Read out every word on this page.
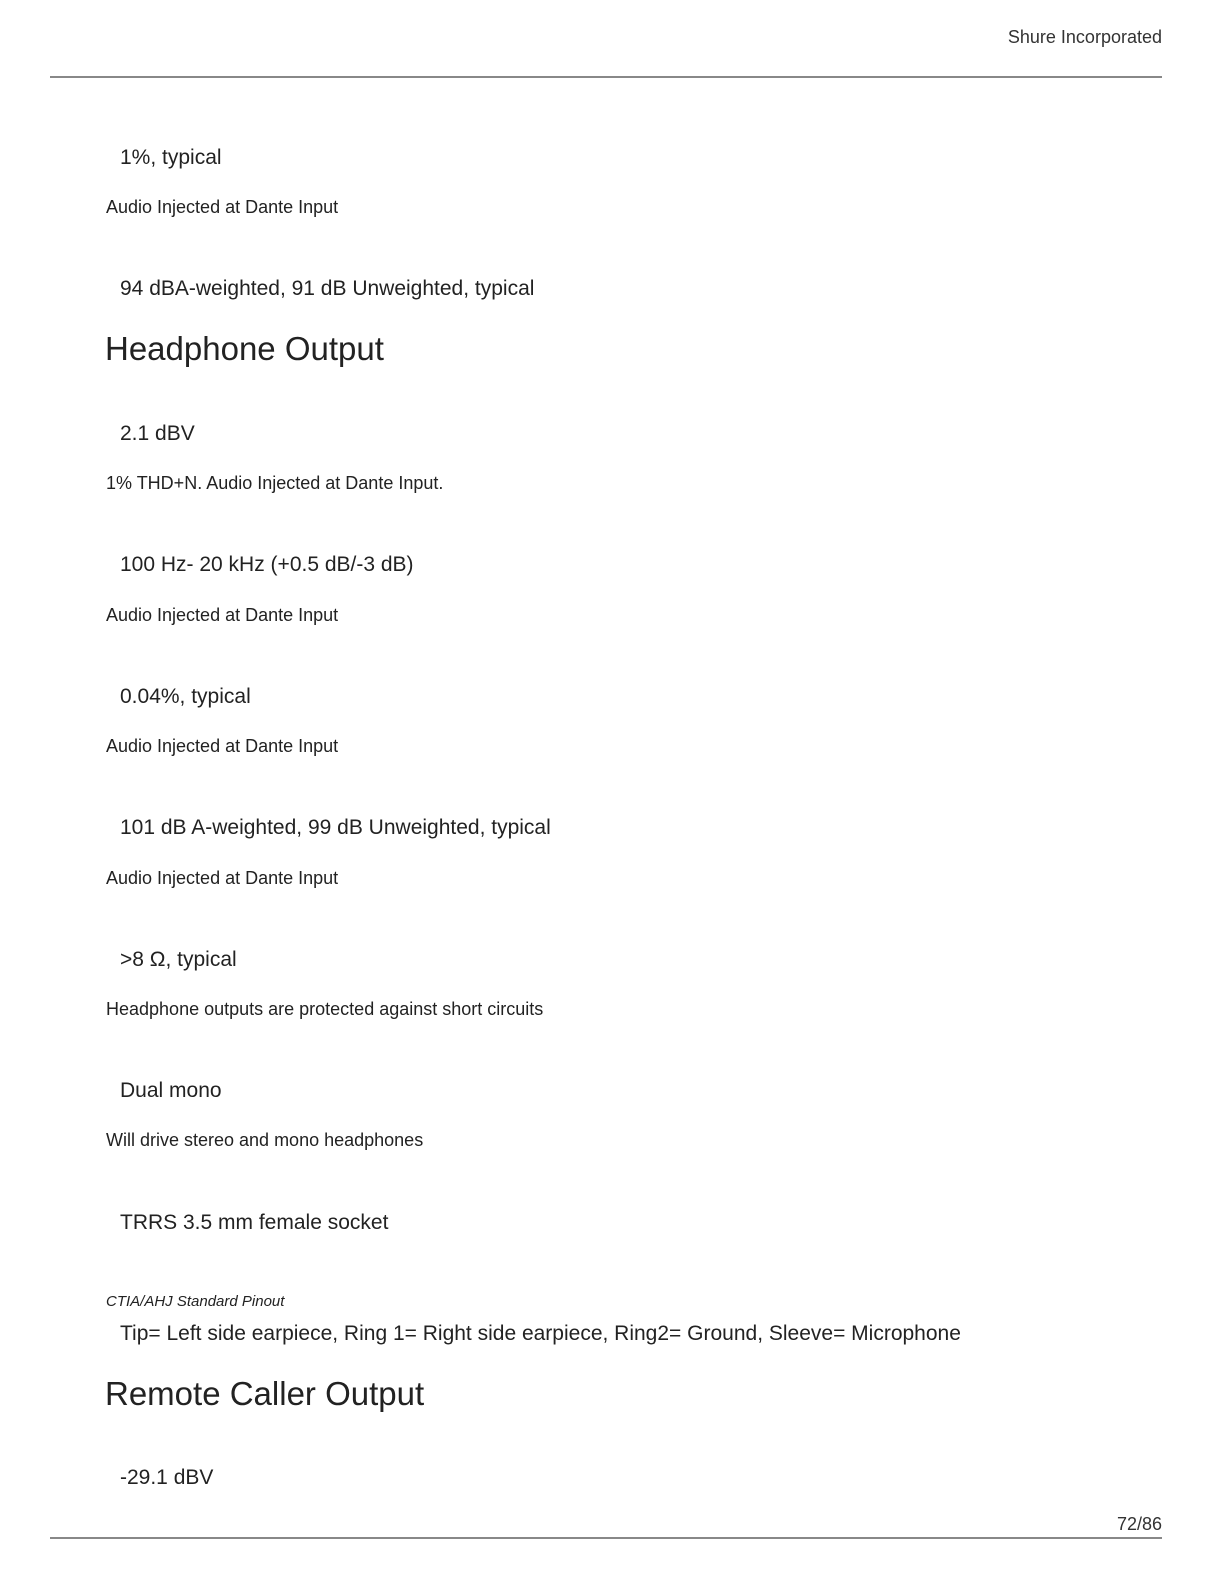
Shure Incorporated
1%, typical
Audio Injected at Dante Input
94 dBA-weighted, 91 dB Unweighted, typical
Headphone Output
2.1 dBV
1% THD+N. Audio Injected at Dante Input.
100 Hz- 20 kHz (+0.5 dB/-3 dB)
Audio Injected at Dante Input
0.04%, typical
Audio Injected at Dante Input
101 dB A-weighted, 99 dB Unweighted, typical
Audio Injected at Dante Input
>8 Ω, typical
Headphone outputs are protected against short circuits
Dual mono
Will drive stereo and mono headphones
TRRS 3.5 mm female socket
CTIA/AHJ Standard Pinout
Tip= Left side earpiece, Ring 1= Right side earpiece, Ring2= Ground, Sleeve= Microphone
Remote Caller Output
-29.1 dBV
72/86
